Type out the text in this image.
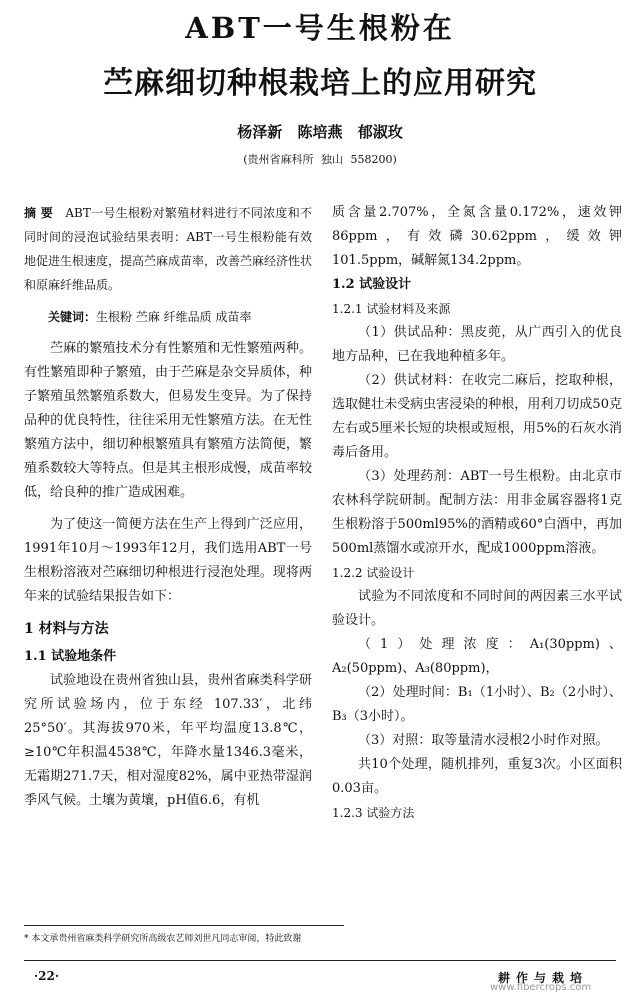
ABT一号生根粉在
苎麻细切种根栽培上的应用研究
杨泽新 陈培燕 郁淑玫
(贵州省麻科所 独山 558200)

摘 要 ABT一号生根粉对繁殖材料进行不同浓度和不同时间的浸泡试验结果表明：ABT一号生根粉能有效地促进生根速度，提高苎麻成苗率，改善苎麻经济性状和原麻纤维品质。

关键词：生根粉 苎麻 纤维品质 成苗率

苎麻的繁殖技术分有性繁殖和无性繁殖两种。有性繁殖即种子繁殖，由于苎麻是杂交异质体，种子繁殖虽然繁殖系数大，但易发生变异。为了保持品种的优良特性，往往采用无性繁殖方法。在无性繁殖方法中，细切种根繁殖具有繁殖方法简便，繁殖系数较大等特点。但是其主根形成慢，成苗率较低，给良种的推广造成困难。

为了使这一简便方法在生产上得到广泛应用，1991年10月～1993年12月，我们选用ABT一号生根粉溶液对苎麻细切种根进行浸泡处理。现将两年来的试验结果报告如下：

1 材料与方法

1.1 试验地条件

试验地设在贵州省独山县，贵州省麻类科学研究所试验场内，位于东经 107.33′，北纬25°50′。其海拔970米，年平均温度13.8℃，≥10℃年积温4538℃，年降水量1346.3毫米，无霜期271.7天，相对湿度82%，属中亚热带湿润季风气候。土壤为黄壤，pH值6.6，有机

质含量2.707%，全氮含量0.172%，速效钾86ppm，有效磷30.62ppm，缓效钾101.5ppm，碱解氮134.2ppm。

1.2 试验设计

1.2.1 试验材料及来源

（1）供试品种：黑皮蔸，从广西引入的优良地方品种，已在我地种植多年。

（2）供试材料：在收完二麻后，挖取种根，选取健壮未受病虫害浸染的种根，用利刀切成50克左右或5厘米长短的块根或短根，用5%的石灰水消毒后备用。

（3）处理药剂：ABT一号生根粉。由北京市农林科学院研制。配制方法：用非金属容器将1克生根粉溶于500ml95%的酒精或60°白酒中，再加500ml蒸馏水或凉开水，配成1000ppm溶液。

1.2.2 试验设计

试验为不同浓度和不同时间的两因素三水平试验设计。

（1）处理浓度：A₁(30ppm)、A₂(50ppm)、A₃(80ppm)，

（2）处理时间：B₁（1小时）、B₂（2小时）、B₃（3小时）。

（3）对照：取等量清水浸根2小时作对照。

共10个处理，随机排列，重复3次。小区面积0.03亩。

1.2.3 试验方法

* 本文承贵州省麻类科学研究所高级农艺师刘世凡同志审阅，特此致谢
·22·	耕作与栽培
www.fibercrops.com
